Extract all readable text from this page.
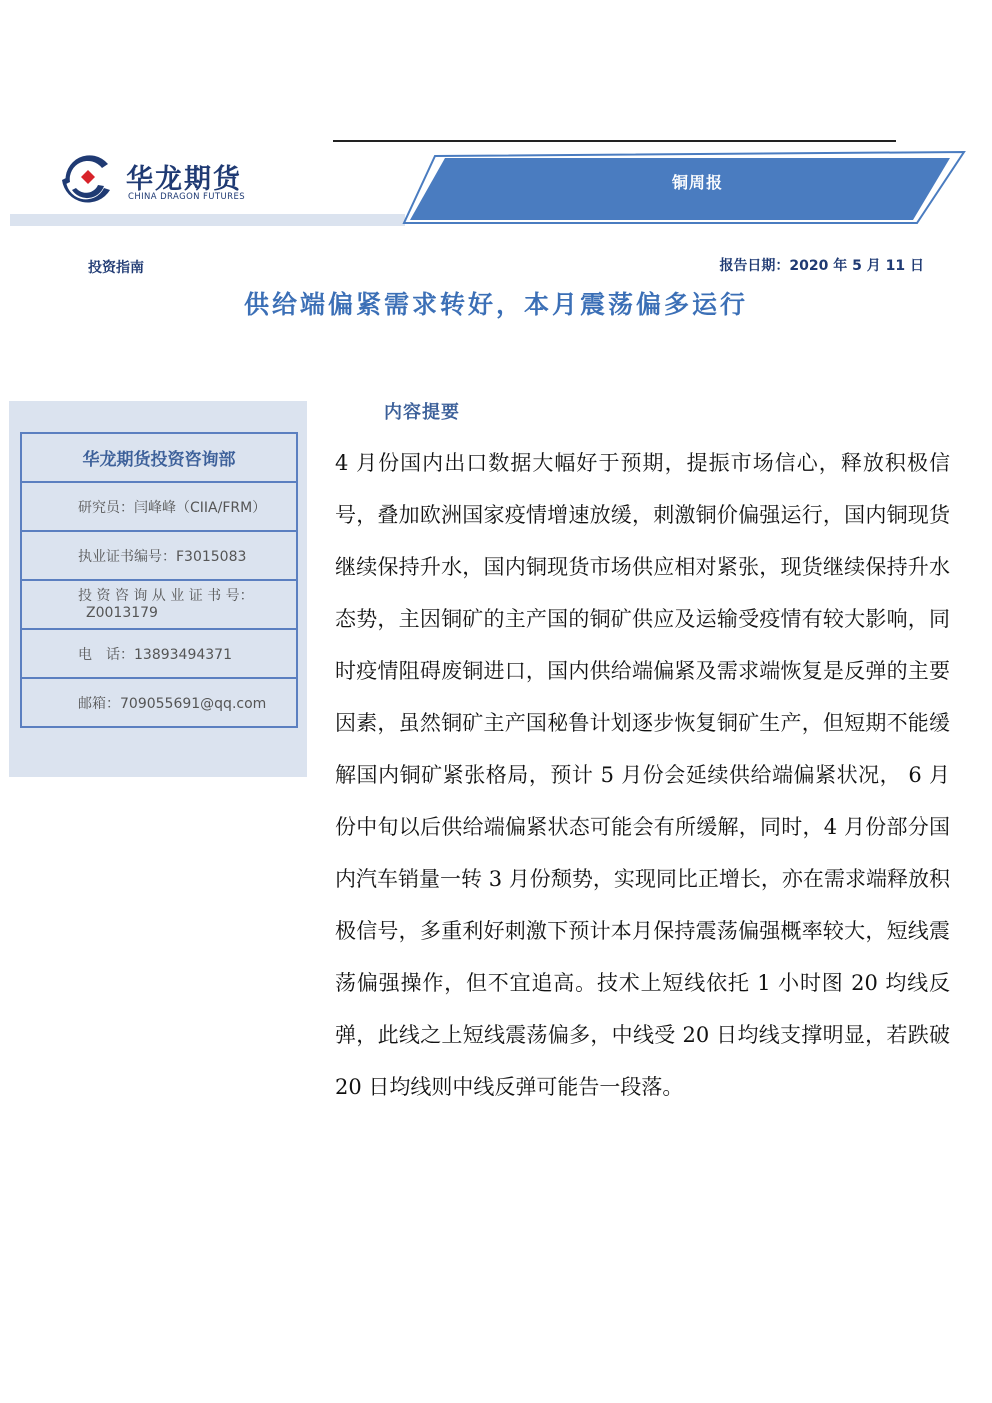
华龙期货
CHINA DRAGON FUTURES
铜周报
投资指南	报告日期：2020 年 5 月 11 日
供给端偏紧需求转好，本月震荡偏多运行
华龙期货投资咨询部
研究员：闫峰峰（CIIA/FRM）
执业证书编号：F3015083
投 资 咨 询 从 业 证 书 号：
Z0013179
电　话：13893494371
邮箱：709055691@qq.com
内容提要
4 月份国内出口数据大幅好于预期，提振市场信心，释放积极信号，叠加欧洲国家疫情增速放缓，刺激铜价偏强运行，国内铜现货继续保持升水，国内铜现货市场供应相对紧张，现货继续保持升水态势，主因铜矿的主产国的铜矿供应及运输受疫情有较大影响，同时疫情阻碍废铜进口，国内供给端偏紧及需求端恢复是反弹的主要因素，虽然铜矿主产国秘鲁计划逐步恢复铜矿生产，但短期不能缓解国内铜矿紧张格局，预计 5 月份会延续供给端偏紧状况， 6 月份中旬以后供给端偏紧状态可能会有所缓解，同时，4 月份部分国内汽车销量一转 3 月份颓势，实现同比正增长，亦在需求端释放积极信号，多重利好刺激下预计本月保持震荡偏强概率较大，短线震荡偏强操作，但不宜追高。技术上短线依托 1 小时图 20 均线反弹，此线之上短线震荡偏多，中线受 20 日均线支撑明显，若跌破 20 日均线则中线反弹可能告一段落。
